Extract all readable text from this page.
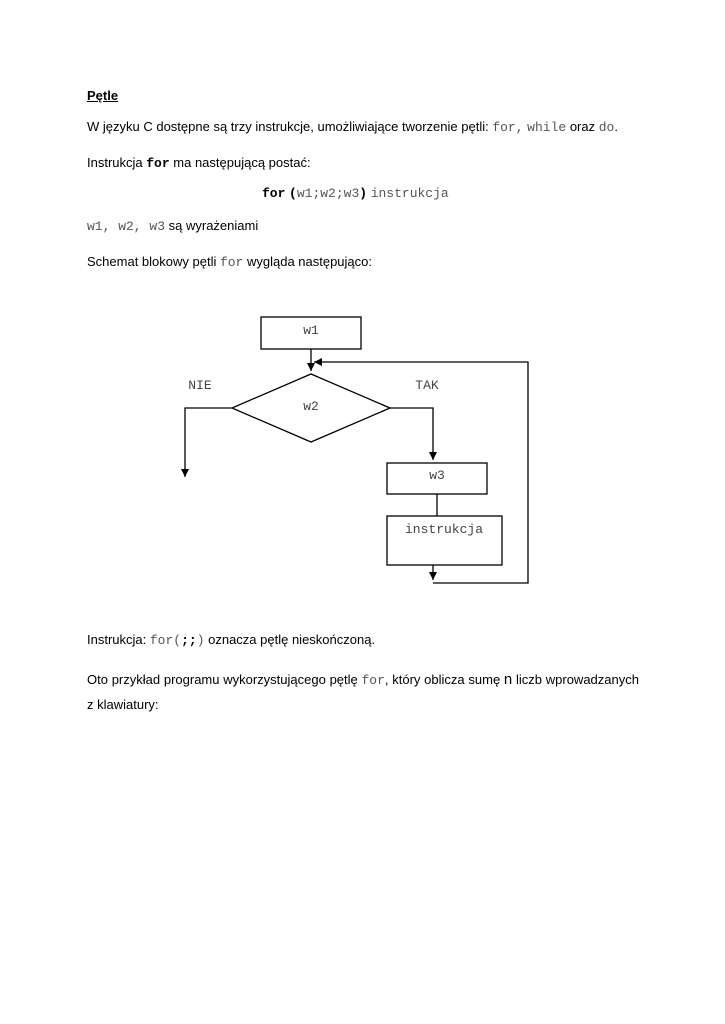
Pętle
W języku C dostępne są trzy instrukcje, umożliwiające tworzenie pętli: for, while oraz do.
Instrukcja for ma następującą postać:
for (w1;w2;w3) instrukcja
w1, w2, w3 są wyrażeniami
Schemat blokowy pętli for wygląda następująco:
w1
w2
NIE	TAK
instrukcja
w3
Instrukcja: for(;;) oznacza pętlę nieskończoną.
Oto przykład programu wykorzystującego pętlę for, który oblicza sumę n liczb wprowadzanych z klawiatury:
